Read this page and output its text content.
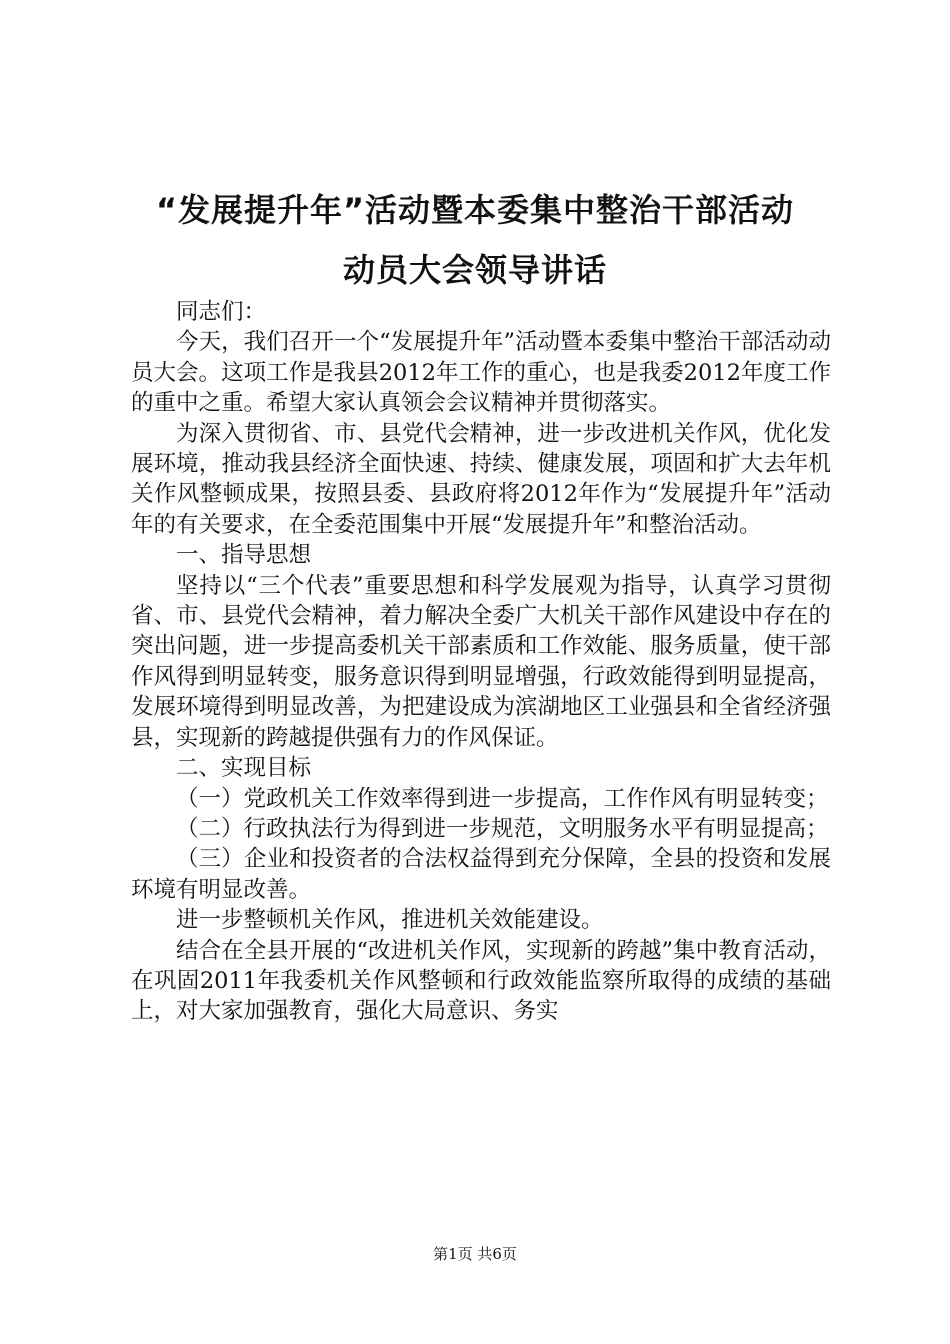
“发展提升年”活动暨本委集中整治干部活动
动员大会领导讲话

同志们：

今天，我们召开一个“发展提升年”活动暨本委集中整治干部活动动员大会。这项工作是我县2012年工作的重心，也是我委2012年度工作的重中之重。希望大家认真领会会议精神并贯彻落实。

为深入贯彻省、市、县党代会精神，进一步改进机关作风，优化发展环境，推动我县经济全面快速、持续、健康发展，项固和扩大去年机关作风整顿成果，按照县委、县政府将2012年作为“发展提升年”活动年的有关要求，在全委范围集中开展“发展提升年”和整治活动。

一、指导思想

坚持以“三个代表”重要思想和科学发展观为指导，认真学习贯彻省、市、县党代会精神，着力解决全委广大机关干部作风建设中存在的突出问题，进一步提高委机关干部素质和工作效能、服务质量，使干部作风得到明显转变，服务意识得到明显增强，行政效能得到明显提高，发展环境得到明显改善，为把建设成为滨湖地区工业强县和全省经济强县，实现新的跨越提供强有力的作风保证。

二、实现目标

（一）党政机关工作效率得到进一步提高，工作作风有明显转变；

（二）行政执法行为得到进一步规范，文明服务水平有明显提高；

（三）企业和投资者的合法权益得到充分保障，全县的投资和发展环境有明显改善。

进一步整顿机关作风，推进机关效能建设。

结合在全县开展的“改进机关作风，实现新的跨越”集中教育活动，在巩固2011年我委机关作风整顿和行政效能监察所取得的成绩的基础上，对大家加强教育，强化大局意识、务实

第1页 共6页
